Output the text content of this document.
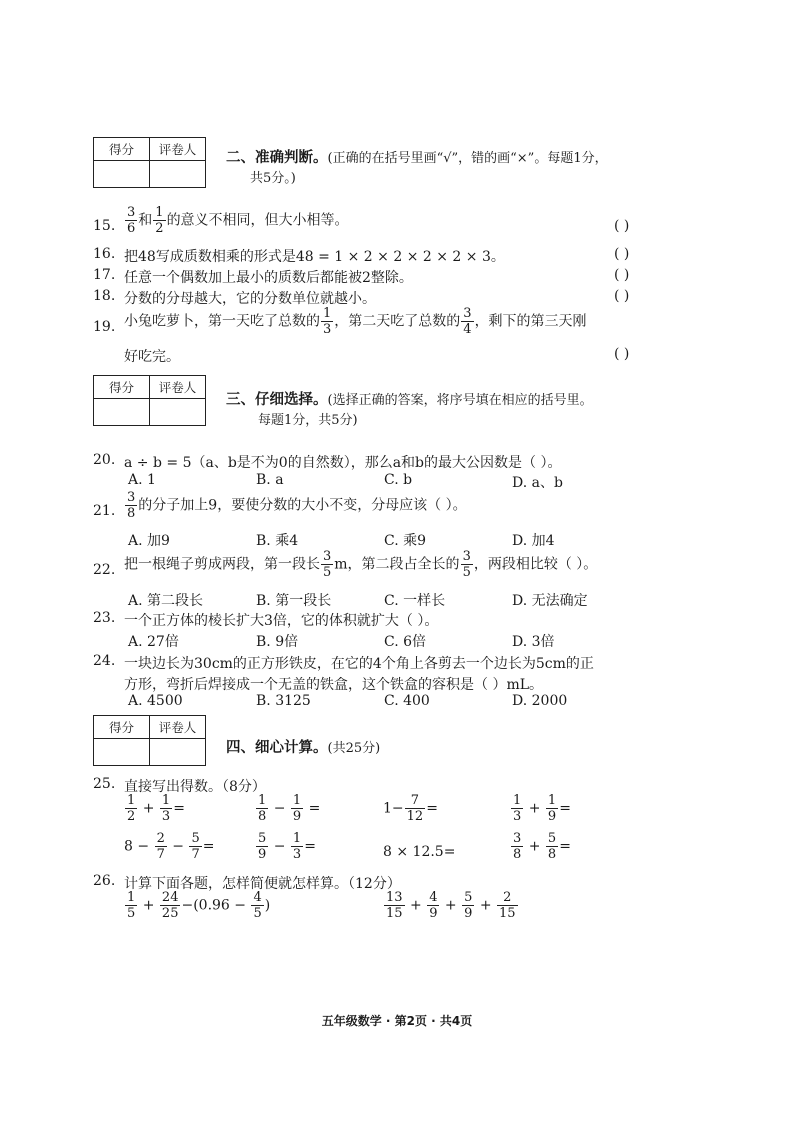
得分	评卷人

二、准确判断。(正确的在括号里画“√”，错的画“×”。每题1分，
共5分。)
15. $\frac{3}{6}$ 和 $\frac{1}{2}$ 的意义不相同，但大小相等。	( )
16. 把48写成质数相乘的形式是48 = 1 × 2 × 2 × 2 × 2 × 3。	( )
17. 任意一个偶数加上最小的质数后都能被2整除。	( )
18. 分数的分母越大，它的分数单位就越小。	( )
19. 小兔吃萝卜，第一天吃了总数的 $\frac{1}{3}$ ，第二天吃了总数的 $\frac{3}{4}$ ，剩下的第三天刚
好吃完。	( )
得分	评卷人

三、仔细选择。(选择正确的答案，将序号填在相应的括号里。
每题1分，共5分)
20. a ÷ b = 5（a、b是不为0的自然数），那么a和b的最大公因数是（ ）。
A. 1	B. a	C. b	D. a、b
21. $\frac{3}{8}$ 的分子加上9，要使分数的大小不变，分母应该（ ）。
A. 加9	B. 乘4	C. 乘9	D. 加4
22. 把一根绳子剪成两段，第一段长 $\frac{3}{5}$ m，第二段占全长的 $\frac{3}{5}$ ，两段相比较（ ）。
A. 第二段长	B. 第一段长	C. 一样长	D. 无法确定
23. 一个正方体的棱长扩大3倍，它的体积就扩大（ ）。
A. 27倍	B. 9倍	C. 6倍	D. 3倍
24. 一块边长为30cm的正方形铁皮，在它的4个角上各剪去一个边长为5cm的正
方形，弯折后焊接成一个无盖的铁盒，这个铁盒的容积是（ ）mL。
A. 4500	B. 3125	C. 400	D. 2000
得分	评卷人

四、细心计算。(共25分)
25. 直接写出得数。（8分）
$\frac{1}{2} + \frac{1}{3}$ =	$\frac{1}{8} - \frac{1}{9}$ =	$1- \frac{7}{12}$ =	$\frac{1}{3} + \frac{1}{9}$ =
$8 - \frac{2}{7} - \frac{5}{7}$ =	$\frac{5}{9} - \frac{1}{3}$ =	8 × 12.5=	$\frac{3}{8} + \frac{5}{8}$ =
26. 计算下面各题，怎样简便就怎样算。（12分）
$\frac{1}{5} + \frac{24}{25} -(0.96 - \frac{4}{5}$ )	$\frac{13}{15} + \frac{4}{9} + \frac{5}{9} + \frac{2}{15}$
五年级数学 · 第2页 · 共4页
